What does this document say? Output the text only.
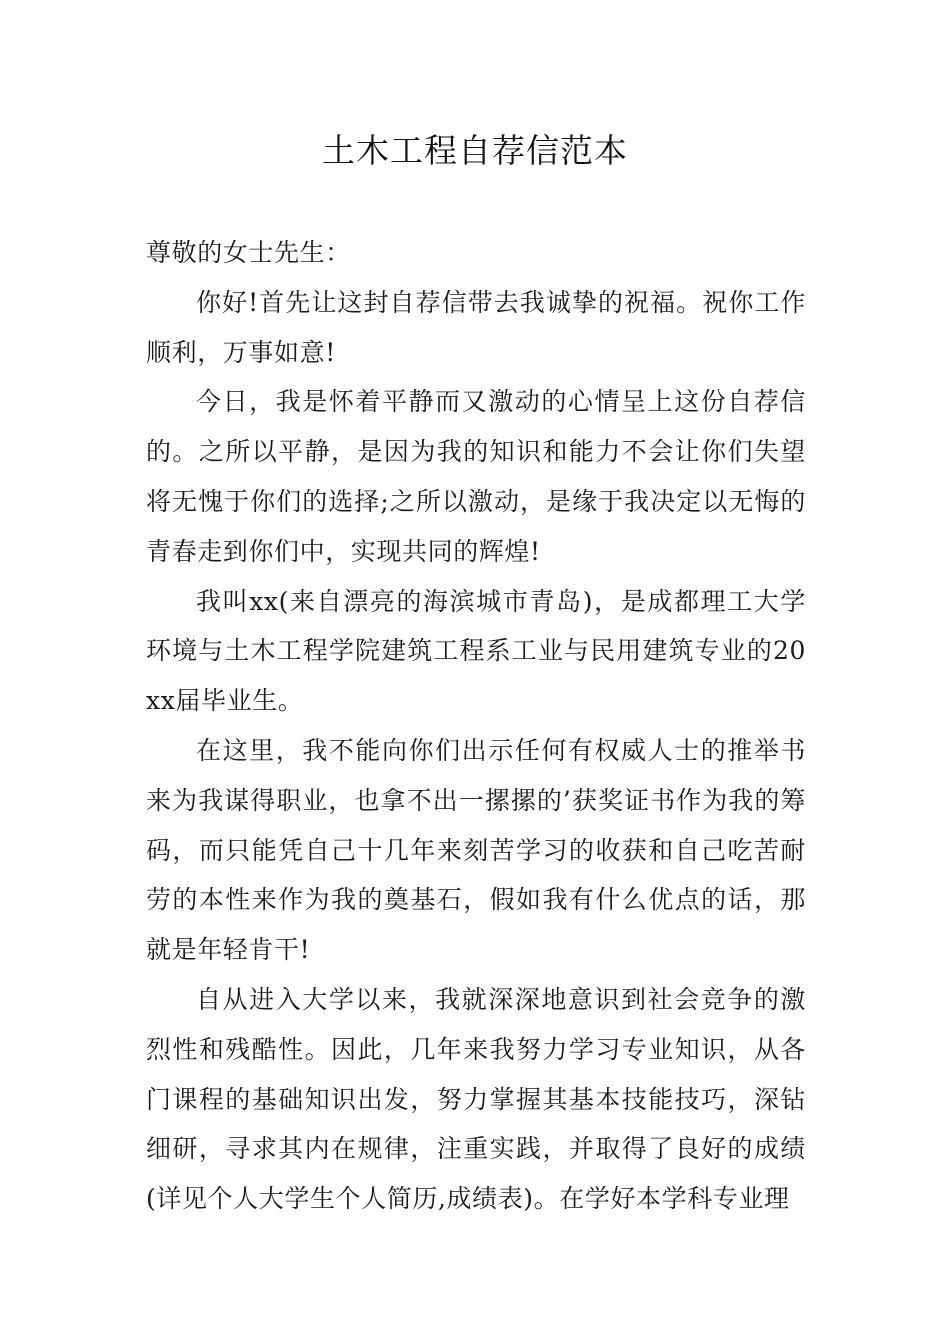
土木工程自荐信范本

尊敬的女士先生：

你好!首先让这封自荐信带去我诚挚的祝福。祝你工作顺利，万事如意!

今日，我是怀着平静而又激动的心情呈上这份自荐信的。之所以平静，是因为我的知识和能力不会让你们失望将无愧于你们的选择;之所以激动，是缘于我决定以无悔的青春走到你们中，实现共同的辉煌!

我叫xx(来自漂亮的海滨城市青岛)，是成都理工大学环境与土木工程学院建筑工程系工业与民用建筑专业的20xx届毕业生。

在这里，我不能向你们出示任何有权威人士的推举书来为我谋得职业，也拿不出一摞摞的’获奖证书作为我的筹码，而只能凭自己十几年来刻苦学习的收获和自己吃苦耐劳的本性来作为我的奠基石，假如我有什么优点的话，那就是年轻肯干!

自从进入大学以来，我就深深地意识到社会竞争的激烈性和残酷性。因此，几年来我努力学习专业知识，从各门课程的基础知识出发，努力掌握其基本技能技巧，深钻细研，寻求其内在规律，注重实践，并取得了良好的成绩(详见个人大学生个人简历,成绩表)。在学好本学科专业理
